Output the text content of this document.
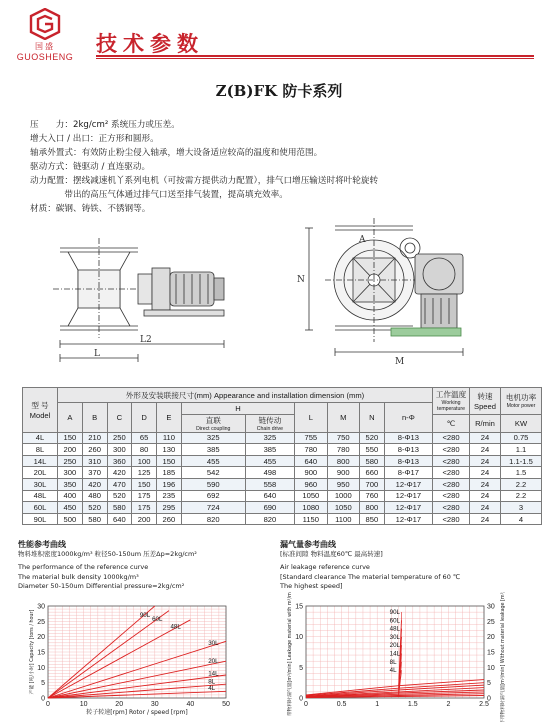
国盛
GUOSHENG
技术参数
Z(B)FK 防卡系列
压　　力：2kg/cm² 系统压力或压差。
增大入口 / 出口：正方形和圆形。
轴承外置式：有效防止粉尘侵入轴承，增大设备适应较高的温度和使用范围。
驱动方式：链驱动 / 直连驱动。
动力配置：摆线减速机丫系列电机（可按需方提供动力配置），排气口增压输送时将叶轮旋转
　　　　带出的高压气体通过排气口送至排气装置，提高填充效率。
材质：碳钢、铸铁、不锈钢等。
L2
L
M
N
A
型 号
Model	外形及安装联接尺寸(mm) Appearance and installation dimension (mm)											工作温度
Working temperature	转速
Speed	电机功率
Motor power

	A	B	C	D	E	H		L	M	N	n-Φ			
						直联
Direct coupling	链传动
Chain drive					℃	R/min	KW
4L	150	210	250	65	110	325	325	755	750	520	8-Φ13	<280	24	0.75
8L	200	260	300	80	130	385	385	780	780	550	8-Φ13	<280	24	1.1
14L	250	310	360	100	150	455	455	640	800	580	8-Φ13	<280	24	1.1-1.5
20L	300	370	420	125	185	542	498	900	900	660	8-Φ17	<280	24	1.5
30L	350	420	470	150	196	590	558	960	950	700	12-Φ17	<280	24	2.2
48L	400	480	520	175	235	692	640	1050	1000	760	12-Φ17	<280	24	2.2
60L	450	520	580	175	295	724	690	1080	1050	800	12-Φ17	<280	24	3
90L	500	580	640	200	260	820	820	1150	1100	850	12-Φ17	<280	24	4
性能参考曲线
物料堆积密度1000kg/m³ 粒径50-150um 压差Δp=2kg/cm²
The performance of the reference curve
The material bulk density 1000kg/m³
Diameter 50-150um Differential pressure=2kg/cm²
0	10	20	30	40	50
0
5
10
15
20
25
30
产能 [吨/小时] Capacity [tons / hour]
转子转速[rpm] Rotor / speed [rpm]
90L
60L
48L
30L
20L
14L
8L
4L
漏气量参考曲线
[标准间隙 物料温度60℃ 最高转速]
Air leakage reference curve
[Standard clearance The material temperature of 60 ℃
The highest speed]
0	0.5	1	1.5	2	2.5
0
5
10
15
0
5
10
15
20
25
30	不带物料时漏气量[m³/min] Without material leakage [m³/min]
带物料时漏气量[m³/min] Leakage material with m³/min	90L
60L
48L
30L
20L
14L
8L
4L
